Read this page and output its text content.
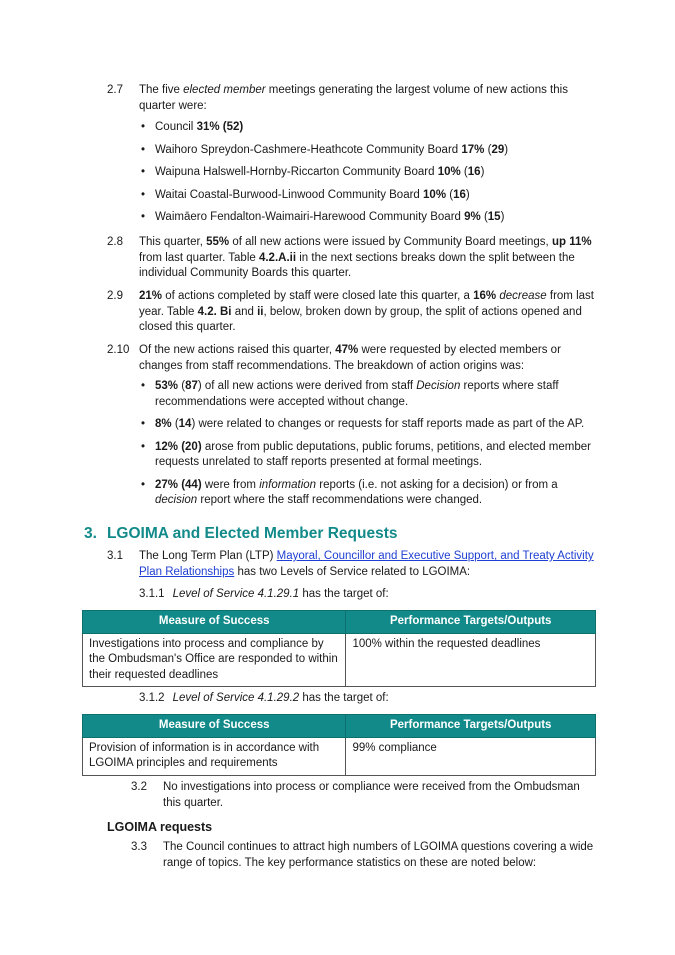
2.7 The five elected member meetings generating the largest volume of new actions this quarter were:
• Council 31% (52)
• Waihoro Spreydon-Cashmere-Heathcote Community Board 17% (29)
• Waipuna Halswell-Hornby-Riccarton Community Board 10% (16)
• Waitai Coastal-Burwood-Linwood Community Board 10% (16)
• Waimāero Fendalton-Waimairi-Harewood Community Board 9% (15)
2.8 This quarter, 55% of all new actions were issued by Community Board meetings, up 11% from last quarter. Table 4.2.A.ii in the next sections breaks down the split between the individual Community Boards this quarter.
2.9 21% of actions completed by staff were closed late this quarter, a 16% decrease from last year. Table 4.2. Bi and ii, below, broken down by group, the split of actions opened and closed this quarter.
2.10 Of the new actions raised this quarter, 47% were requested by elected members or changes from staff recommendations. The breakdown of action origins was:
• 53% (87) of all new actions were derived from staff Decision reports where staff recommendations were accepted without change.
• 8% (14) were related to changes or requests for staff reports made as part of the AP.
• 12% (20) arose from public deputations, public forums, petitions, and elected member requests unrelated to staff reports presented at formal meetings.
• 27% (44) were from information reports (i.e. not asking for a decision) or from a decision report where the staff recommendations were changed.
3. LGOIMA and Elected Member Requests
3.1 The Long Term Plan (LTP) Mayoral, Councillor and Executive Support, and Treaty Activity Plan Relationships has two Levels of Service related to LGOIMA:
3.1.1 Level of Service 4.1.29.1 has the target of:
Measure of Success	Performance Targets/Outputs
Investigations into process and compliance by the Ombudsman's Office are responded to within their requested deadlines	100% within the requested deadlines
3.1.2 Level of Service 4.1.29.2 has the target of:
Measure of Success	Performance Targets/Outputs
Provision of information is in accordance with LGOIMA principles and requirements	99% compliance
3.2 No investigations into process or compliance were received from the Ombudsman this quarter.
LGOIMA requests
3.3 The Council continues to attract high numbers of LGOIMA questions covering a wide range of topics. The key performance statistics on these are noted below:
